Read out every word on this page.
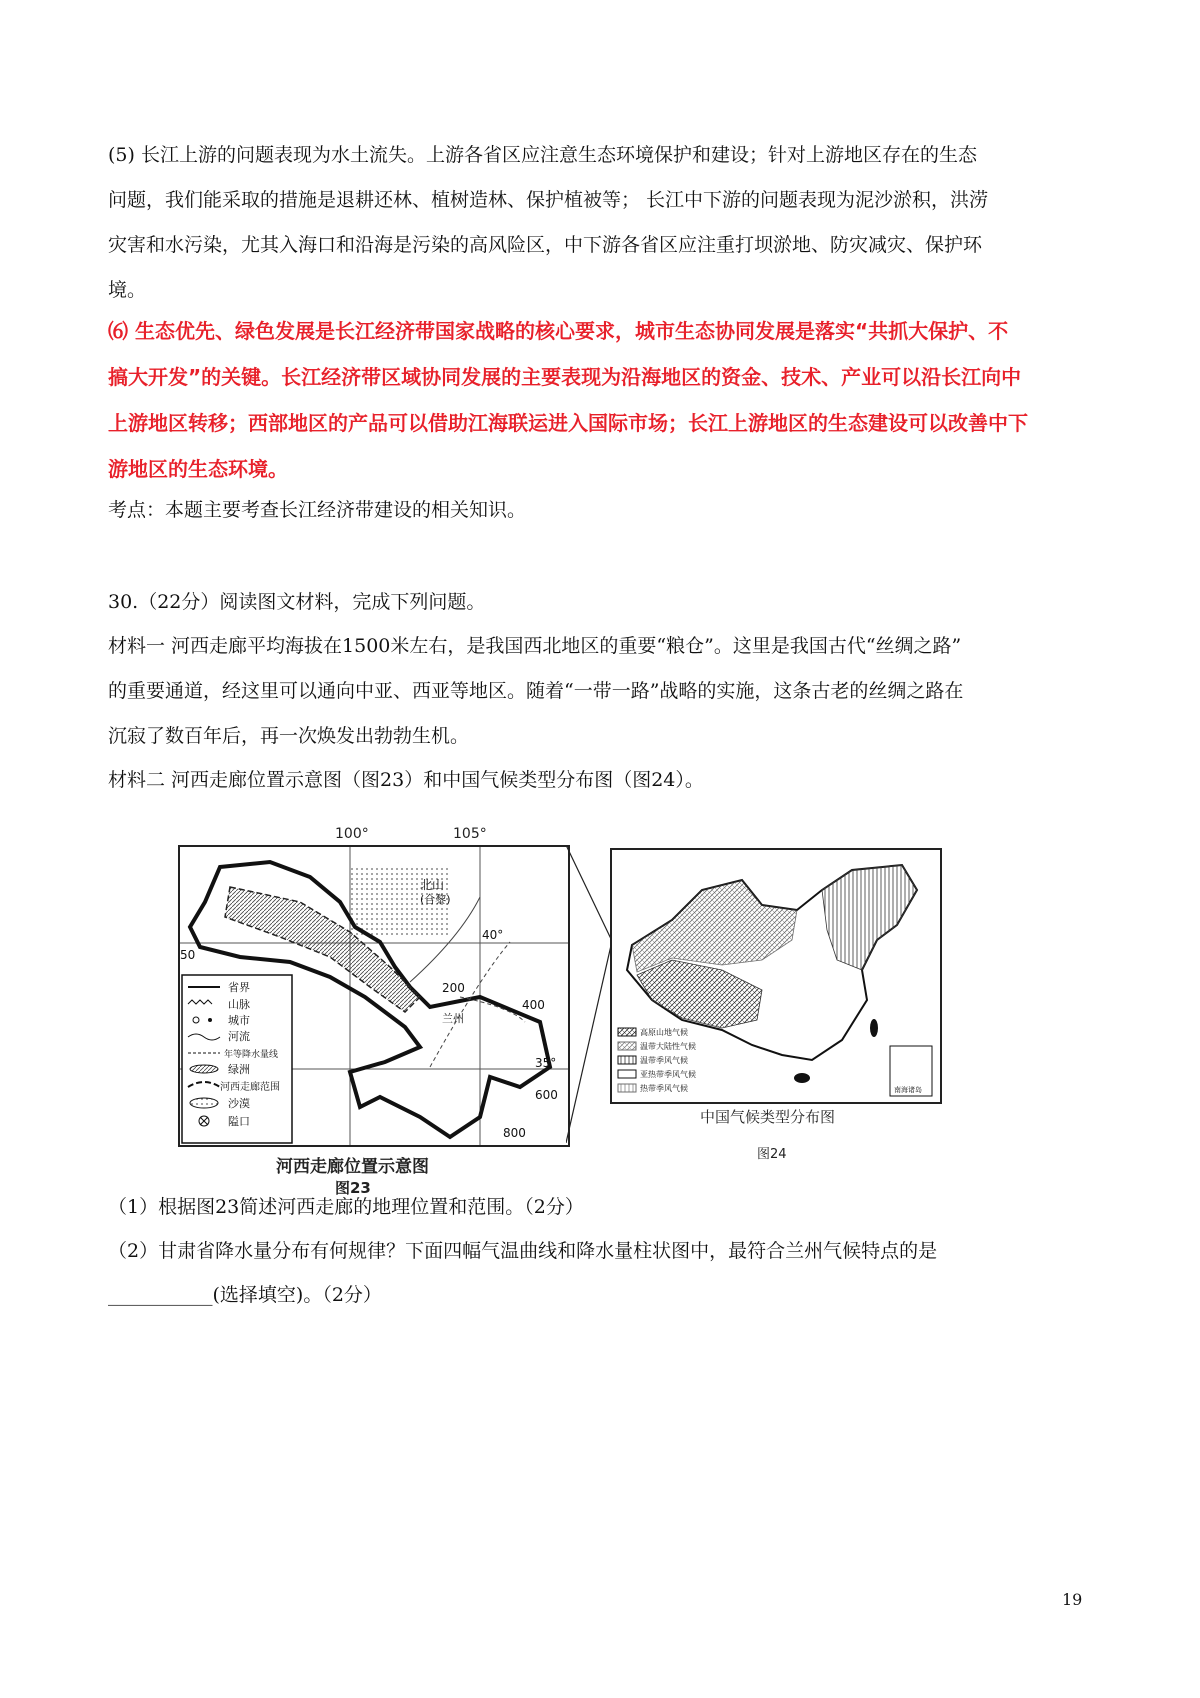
(5) 长江上游的问题表现为水土流失。上游各省区应注意生态环境保护和建设；针对上游地区存在的生态
问题，我们能采取的措施是退耕还林、植树造林、保护植被等； 长江中下游的问题表现为泥沙淤积，洪涝
灾害和水污染，尤其入海口和沿海是污染的高风险区，中下游各省区应注重打坝淤地、防灾减灾、保护环
境。
⑹ 生态优先、绿色发展是长江经济带国家战略的核心要求，城市生态协同发展是落实“共抓大保护、不
搞大开发”的关键。长江经济带区域协同发展的主要表现为沿海地区的资金、技术、产业可以沿长江向中
上游地区转移；西部地区的产品可以借助江海联运进入国际市场；长江上游地区的生态建设可以改善中下
游地区的生态环境。
考点：本题主要考查长江经济带建设的相关知识。
30.（22分）阅读图文材料，完成下列问题。
材料一 河西走廊平均海拔在1500米左右，是我国西北地区的重要“粮仓”。这里是我国古代“丝绸之路”
的重要通道，经这里可以通向中亚、西亚等地区。随着“一带一路”战略的实施，这条古老的丝绸之路在
沉寂了数百年后，再一次焕发出勃勃生机。
材料二 河西走廊位置示意图（图23）和中国气候类型分布图（图24）。
省界
山脉
城市
河流
年等降水量线
绿洲
河西走廊范围
沙漠
隘口
北山
(合黎)
兰州
40°
35°
50
200
400
600
800
100°	105°
河西走廊位置示意图
图23
南海诸岛
高原山地气候
温带大陆性气候
温带季风气候
亚热带季风气候
热带季风气候
中国气候类型分布图
图24
（1）根据图23简述河西走廊的地理位置和范围。（2分）
（2）甘肃省降水量分布有何规律？下面四幅气温曲线和降水量柱状图中，最符合兰州气候特点的是
___________(选择填空)。（2分）
19
